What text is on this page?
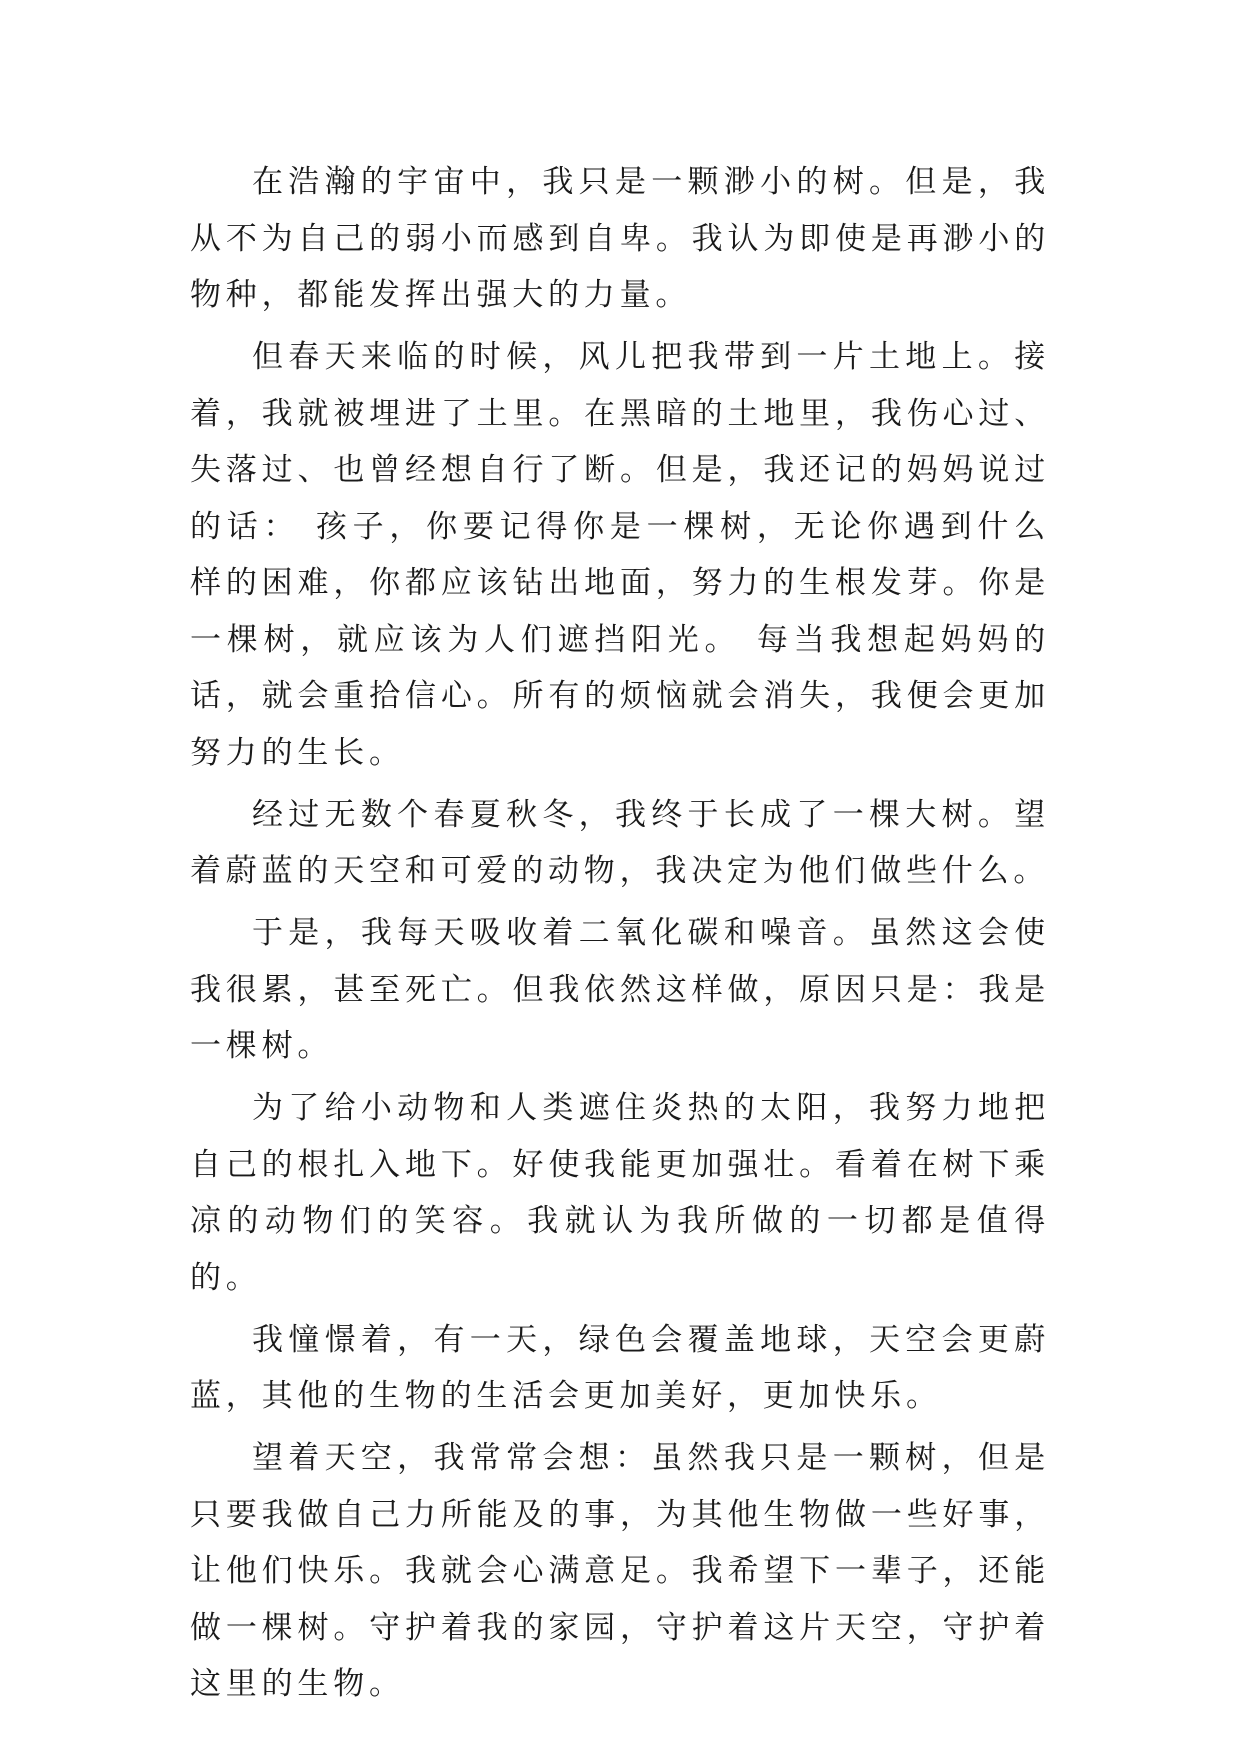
在浩瀚的宇宙中，我只是一颗渺小的树。但是，我从不为自己的弱小而感到自卑。我认为即使是再渺小的物种，都能发挥出强大的力量。

但春天来临的时候，风儿把我带到一片土地上。接着，我就被埋进了土里。在黑暗的土地里，我伤心过、失落过、也曾经想自行了断。但是，我还记的妈妈说过的话： 孩子，你要记得你是一棵树，无论你遇到什么样的困难，你都应该钻出地面，努力的生根发芽。你是一棵树，就应该为人们遮挡阳光。 每当我想起妈妈的话，就会重拾信心。所有的烦恼就会消失，我便会更加努力的生长。

经过无数个春夏秋冬，我终于长成了一棵大树。望着蔚蓝的天空和可爱的动物，我决定为他们做些什么。

于是，我每天吸收着二氧化碳和噪音。虽然这会使我很累，甚至死亡。但我依然这样做，原因只是：我是一棵树。

为了给小动物和人类遮住炎热的太阳，我努力地把自己的根扎入地下。好使我能更加强壮。看着在树下乘凉的动物们的笑容。我就认为我所做的一切都是值得的。

我憧憬着，有一天，绿色会覆盖地球，天空会更蔚蓝，其他的生物的生活会更加美好，更加快乐。

望着天空，我常常会想：虽然我只是一颗树，但是只要我做自己力所能及的事，为其他生物做一些好事，让他们快乐。我就会心满意足。我希望下一辈子，还能做一棵树。守护着我的家园，守护着这片天空，守护着这里的生物。
